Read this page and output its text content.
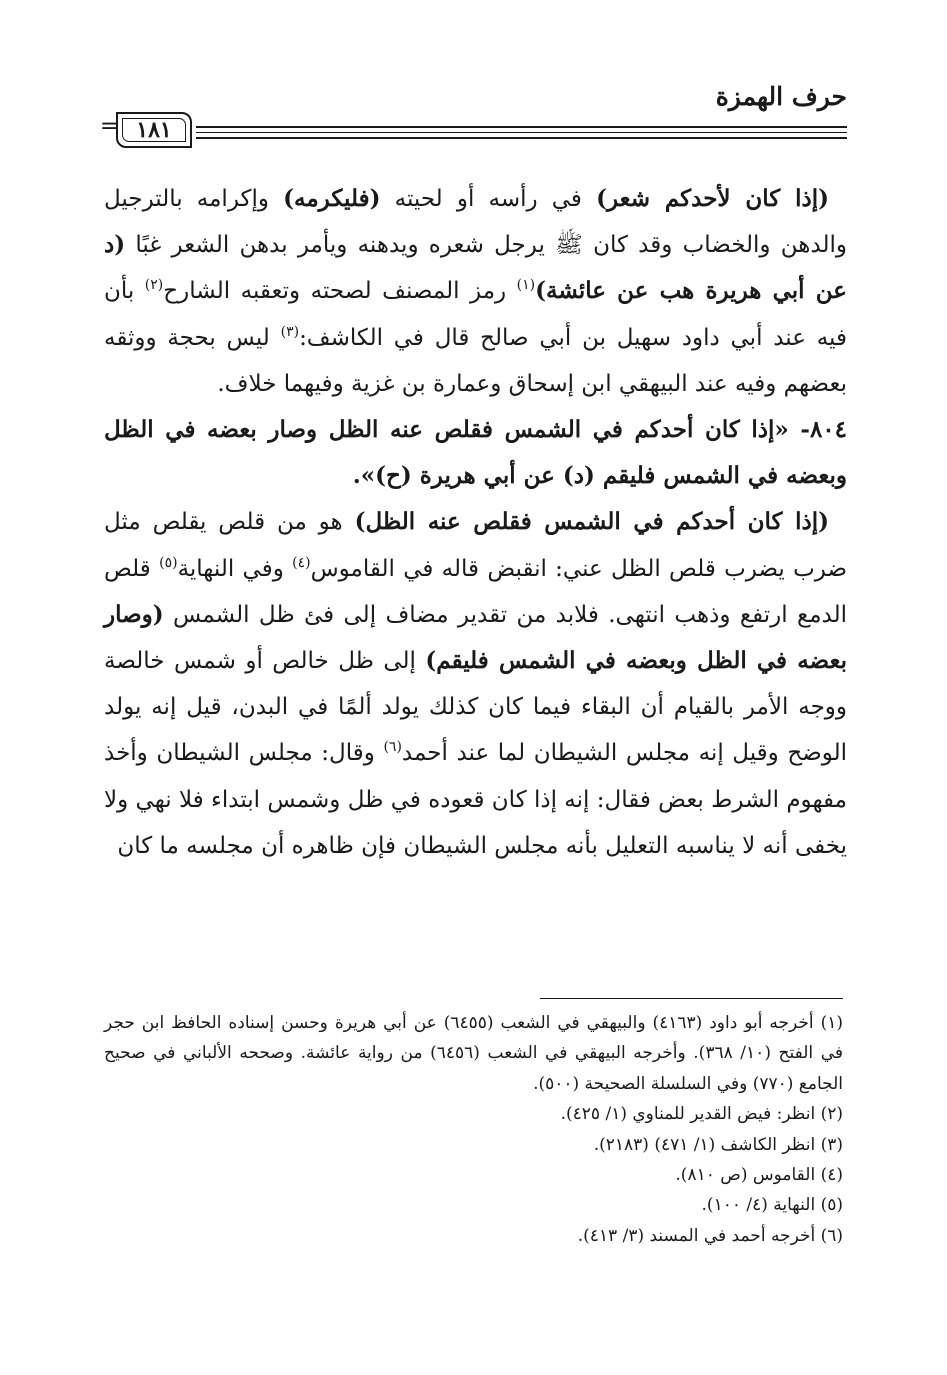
حرف الهمزة
١٨١
=

(إذا كان لأحدكم شعر) في رأسه أو لحيته (فليكرمه) وإكرامه بالترجيل والدهن والخضاب وقد كان ﷺ يرجل شعره ويدهنه ويأمر بدهن الشعر غبًا (د عن أبي هريرة هب عن عائشة)$^{(١)}$ رمز المصنف لصحته وتعقبه الشارح$^{(٢)}$ بأن فيه عند أبي داود سهيل بن أبي صالح قال في الكاشف:$^{(٣)}$ ليس بحجة ووثقه بعضهم وفيه عند البيهقي ابن إسحاق وعمارة بن غزية وفيهما خلاف.

٨٠٤- «إذا كان أحدكم في الشمس فقلص عنه الظل وصار بعضه في الظل وبعضه في الشمس فليقم (د) عن أبي هريرة (ح)».

(إذا كان أحدكم في الشمس فقلص عنه الظل) هو من قلص يقلص مثل ضرب يضرب قلص الظل عني: انقبض قاله في القاموس$^{(٤)}$ وفي النهاية$^{(٥)}$ قلص الدمع ارتفع وذهب انتهى. فلابد من تقدير مضاف إلى فئ ظل الشمس (وصار بعضه في الظل وبعضه في الشمس فليقم) إلى ظل خالص أو شمس خالصة ووجه الأمر بالقيام أن البقاء فيما كان كذلك يولد ألمًا في البدن، قيل إنه يولد الوضح وقيل إنه مجلس الشيطان لما عند أحمد$^{(٦)}$ وقال: مجلس الشيطان وأخذ مفهوم الشرط بعض فقال: إنه إذا كان قعوده في ظل وشمس ابتداء فلا نهي ولا يخفى أنه لا يناسبه التعليل بأنه مجلس الشيطان فإن ظاهره أن مجلسه ما كان

(١) أخرجه أبو داود (٤١٦٣) والبيهقي في الشعب (٦٤٥٥) عن أبي هريرة وحسن إسناده الحافظ ابن حجر في الفتح (١٠/ ٣٦٨). وأخرجه البيهقي في الشعب (٦٤٥٦) من رواية عائشة. وصححه الألباني في صحيح الجامع (٧٧٠) وفي السلسلة الصحيحة (٥٠٠).

(٢) انظر: فيض القدير للمناوي (١/ ٤٢٥).

(٣) انظر الكاشف (١/ ٤٧١) (٢١٨٣).

(٤) القاموس (ص ٨١٠).

(٥) النهاية (٤/ ١٠٠).

(٦) أخرجه أحمد في المسند (٣/ ٤١٣).
